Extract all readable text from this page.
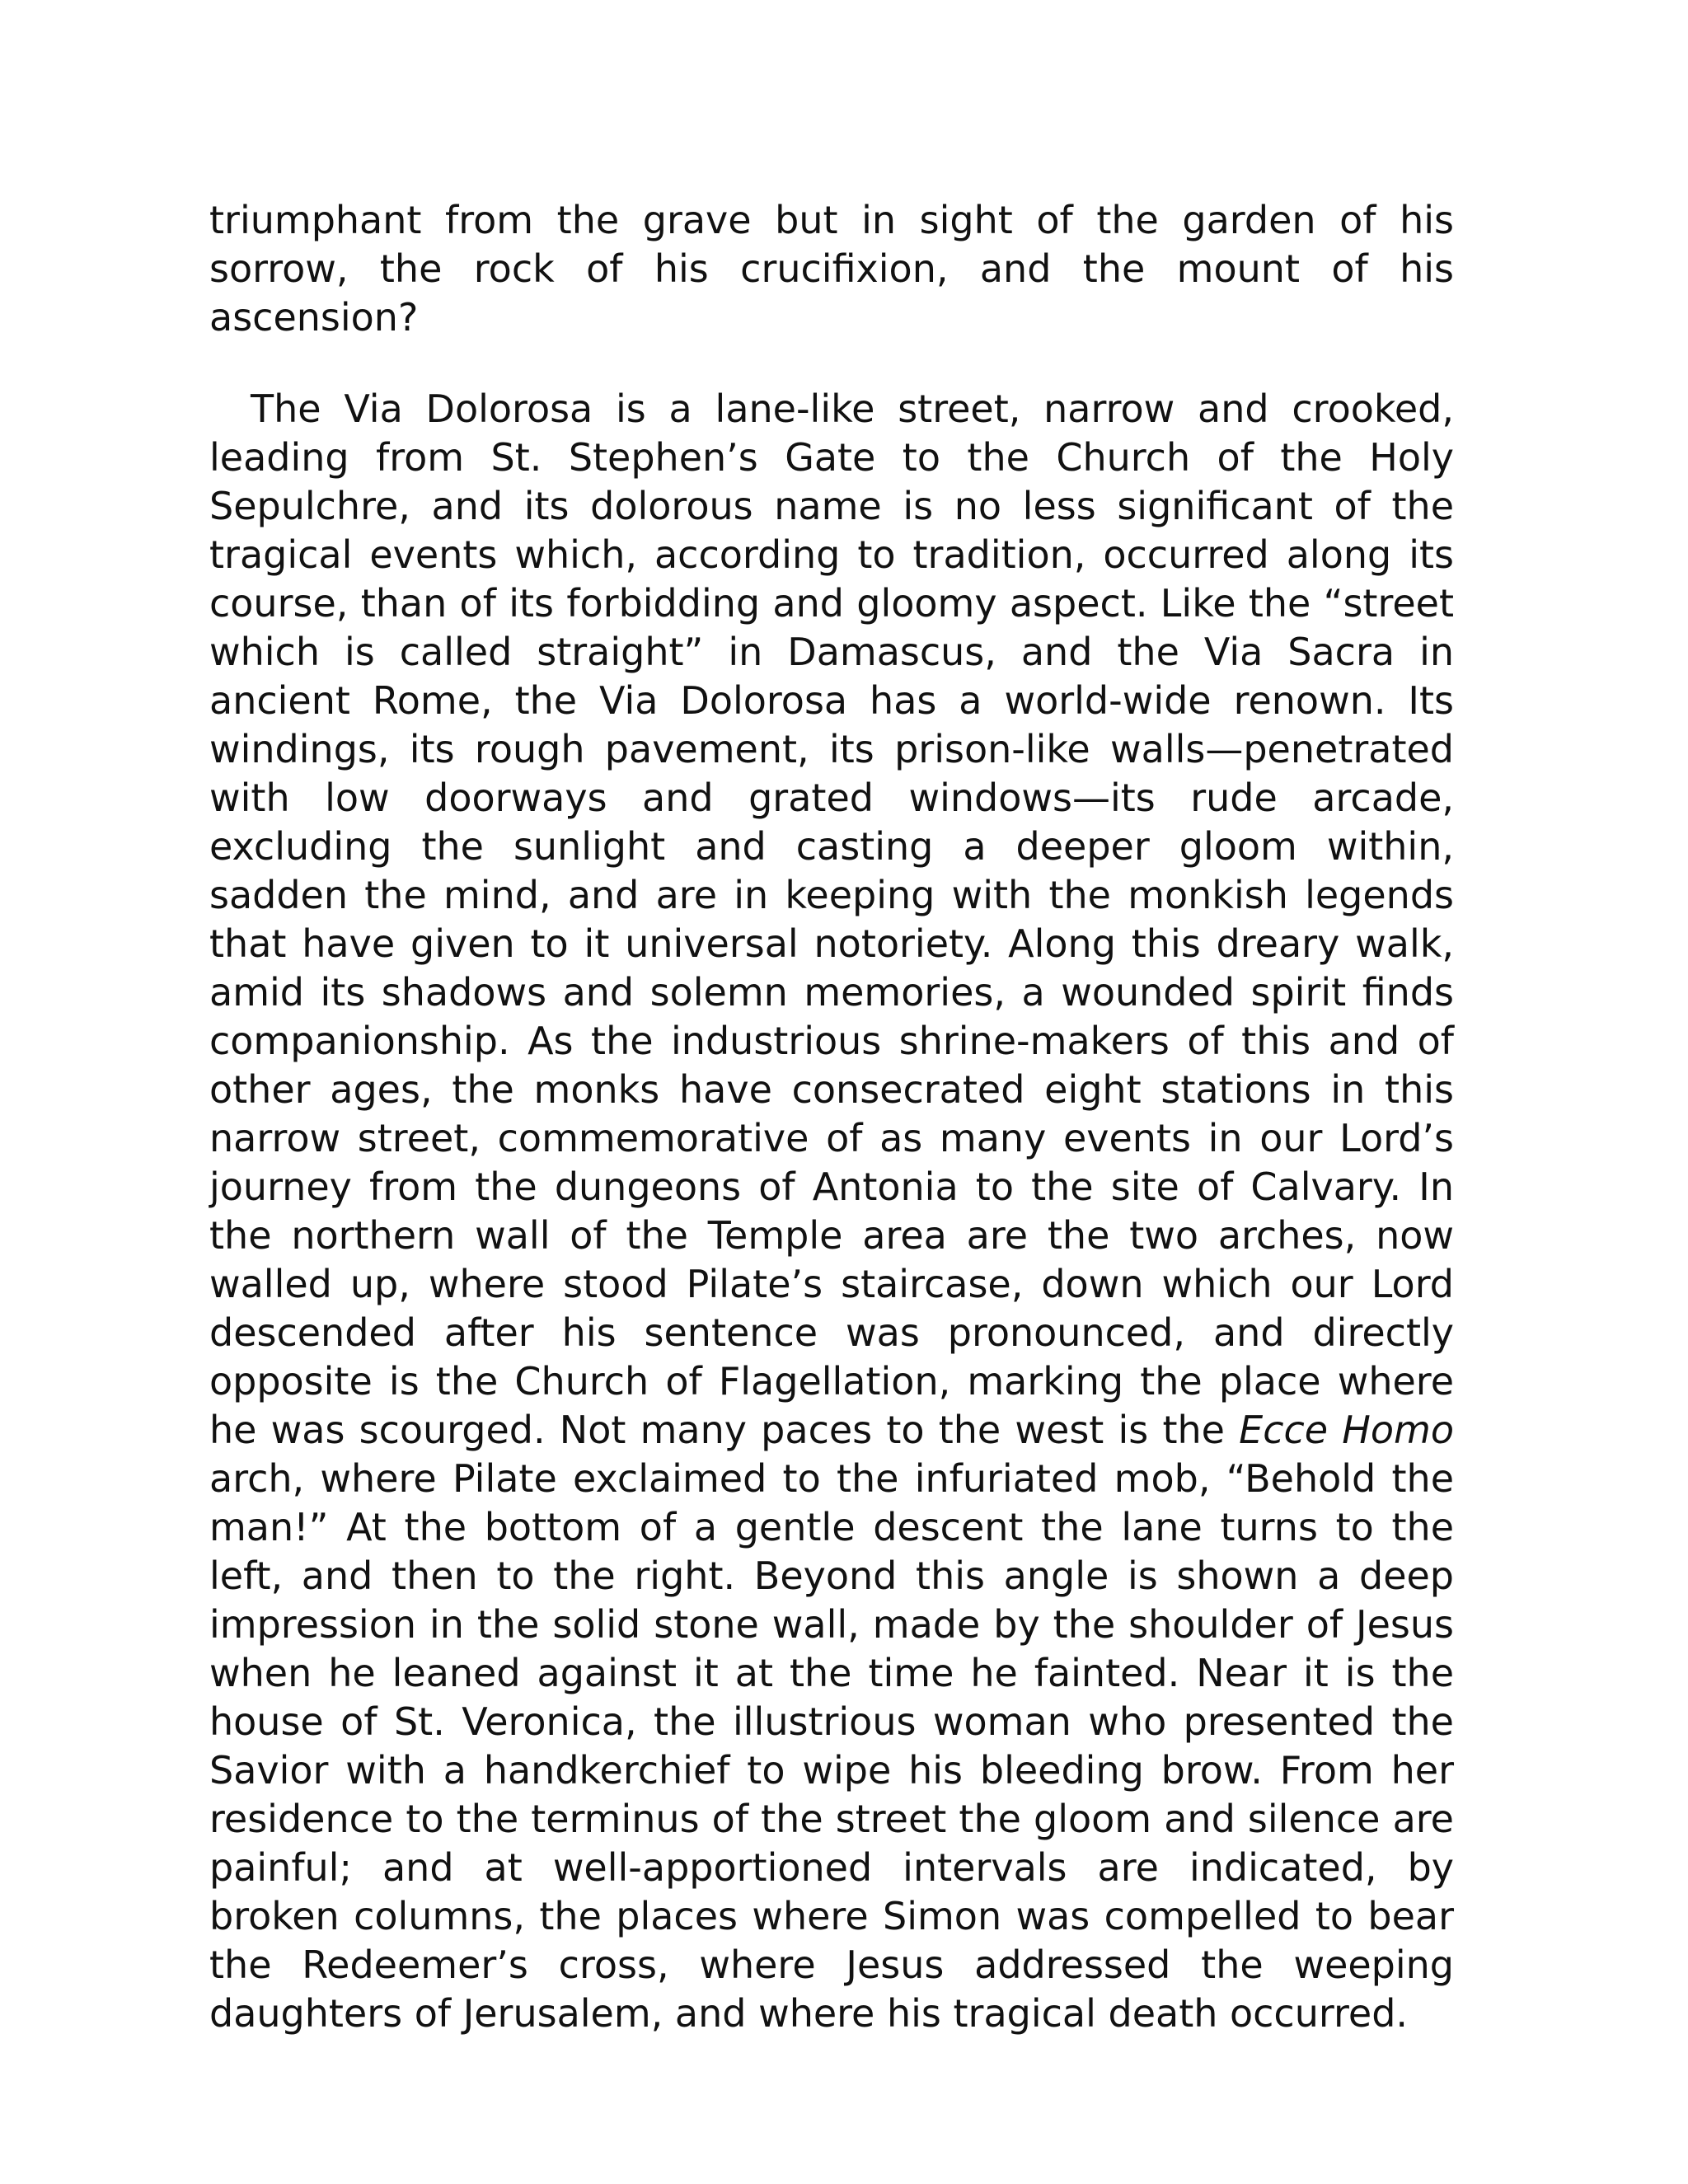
triumphant from the grave but in sight of the garden of his sorrow, the rock of his crucifixion, and the mount of his ascension?

The Via Dolorosa is a lane-like street, narrow and crooked, leading from St. Stephen’s Gate to the Church of the Holy Sepulchre, and its dolorous name is no less significant of the tragical events which, according to tradition, occurred along its course, than of its forbidding and gloomy aspect. Like the “street which is called straight” in Damascus, and the Via Sacra in ancient Rome, the Via Dolorosa has a world-wide renown. Its windings, its rough pavement, its prison-like walls—penetrated with low doorways and grated windows—its rude arcade, excluding the sunlight and casting a deeper gloom within, sadden the mind, and are in keeping with the monkish legends that have given to it universal notoriety. Along this dreary walk, amid its shadows and solemn memories, a wounded spirit finds companionship. As the industrious shrine-makers of this and of other ages, the monks have consecrated eight stations in this narrow street, commemorative of as many events in our Lord’s journey from the dungeons of Antonia to the site of Calvary. In the northern wall of the Temple area are the two arches, now walled up, where stood Pilate’s staircase, down which our Lord descended after his sentence was pronounced, and directly opposite is the Church of Flagellation, marking the place where he was scourged. Not many paces to the west is the Ecce Homo arch, where Pilate exclaimed to the infuriated mob, “Behold the man!” At the bottom of a gentle descent the lane turns to the left, and then to the right. Beyond this angle is shown a deep impression in the solid stone wall, made by the shoulder of Jesus when he leaned against it at the time he fainted. Near it is the house of St. Veronica, the illustrious woman who presented the Savior with a handkerchief to wipe his bleeding brow. From her residence to the terminus of the street the gloom and silence are painful; and at well-apportioned intervals are indicated, by broken columns, the places where Simon was compelled to bear the Redeemer’s cross, where Jesus addressed the weeping daughters of Jerusalem, and where his tragical death occurred.
